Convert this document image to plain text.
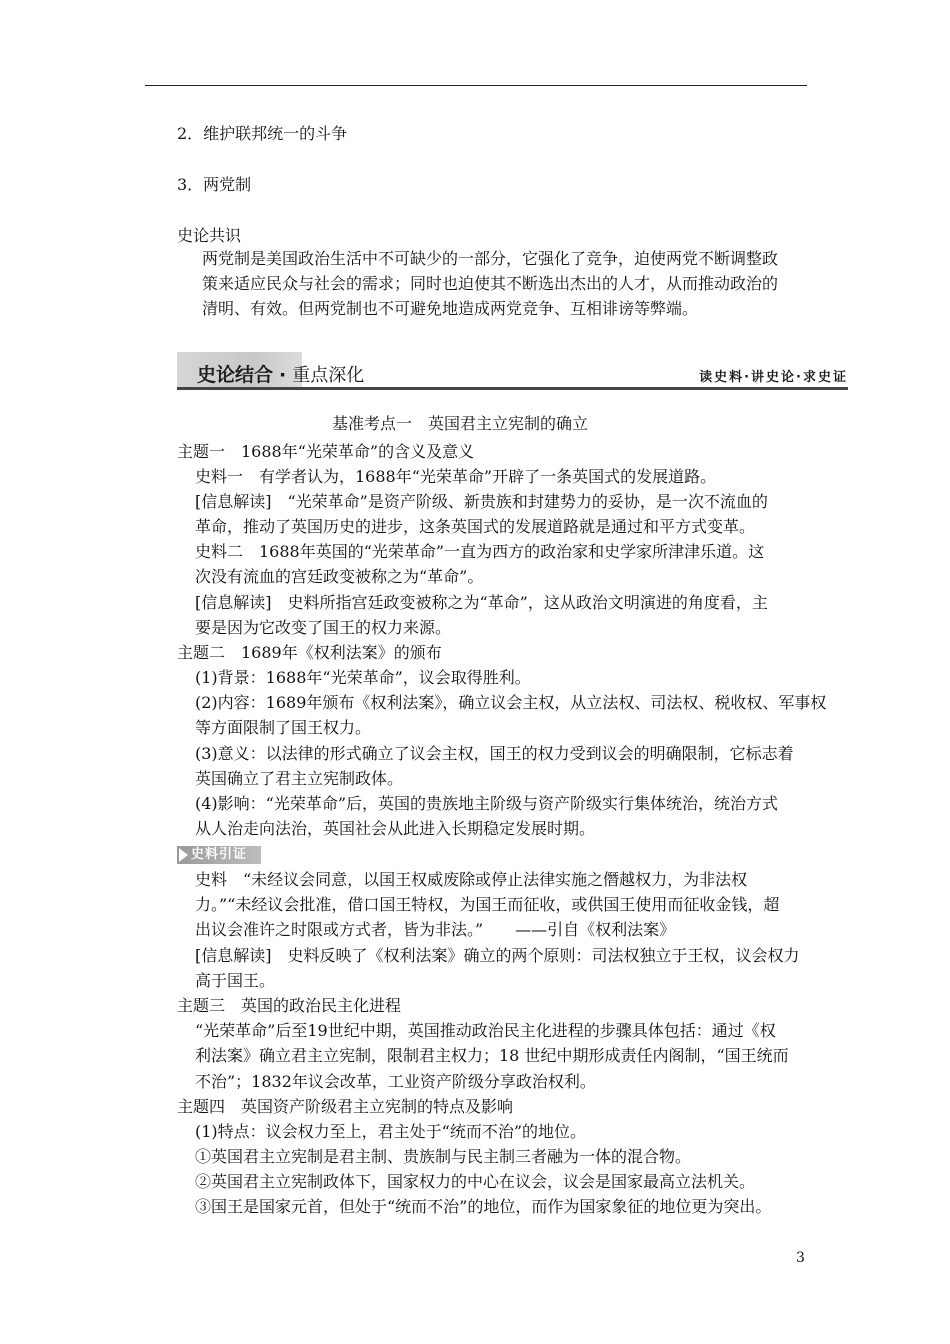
2．维护联邦统一的斗争
3．两党制
史论共识
两党制是美国政治生活中不可缺少的一部分，它强化了竞争，迫使两党不断调整政
策来适应民众与社会的需求；同时也迫使其不断选出杰出的人才，从而推动政治的
清明、有效。但两党制也不可避免地造成两党竞争、互相诽谤等弊端。
史论结合 · 重点深化	读史料·讲史论·求史证
基准考点一　英国君主立宪制的确立
主题一　1688年“光荣革命”的含义及意义
史料一　有学者认为，1688年“光荣革命”开辟了一条英国式的发展道路。
[信息解读]　“光荣革命”是资产阶级、新贵族和封建势力的妥协，是一次不流血的
革命，推动了英国历史的进步，这条英国式的发展道路就是通过和平方式变革。
史料二　1688年英国的“光荣革命”一直为西方的政治家和史学家所津津乐道。这
次没有流血的宫廷政变被称之为“革命”。
[信息解读]　史料所指宫廷政变被称之为“革命”，这从政治文明演进的角度看，主
要是因为它改变了国王的权力来源。
主题二　1689年《权利法案》的颁布
(1)背景：1688年“光荣革命”，议会取得胜利。
(2)内容：1689年颁布《权利法案》，确立议会主权，从立法权、司法权、税收权、军事权
等方面限制了国王权力。
(3)意义：以法律的形式确立了议会主权，国王的权力受到议会的明确限制，它标志着
英国确立了君主立宪制政体。
(4)影响：“光荣革命”后，英国的贵族地主阶级与资产阶级实行集体统治，统治方式
从人治走向法治，英国社会从此进入长期稳定发展时期。
史料引证
史料　“未经议会同意，以国王权威废除或停止法律实施之僭越权力，为非法权
力。”“未经议会批准，借口国王特权，为国王而征收，或供国王使用而征收金钱，超
出议会准许之时限或方式者，皆为非法。”　　——引自《权利法案》
[信息解读]　史料反映了《权利法案》确立的两个原则：司法权独立于王权，议会权力
高于国王。
主题三　英国的政治民主化进程
“光荣革命”后至19世纪中期，英国推动政治民主化进程的步骤具体包括：通过《权
利法案》确立君主立宪制，限制君主权力；18 世纪中期形成责任内阁制，“国王统而
不治”；1832年议会改革，工业资产阶级分享政治权利。
主题四　英国资产阶级君主立宪制的特点及影响
(1)特点：议会权力至上，君主处于“统而不治”的地位。
①英国君主立宪制是君主制、贵族制与民主制三者融为一体的混合物。
②英国君主立宪制政体下，国家权力的中心在议会，议会是国家最高立法机关。
③国王是国家元首，但处于“统而不治”的地位，而作为国家象征的地位更为突出。
3
